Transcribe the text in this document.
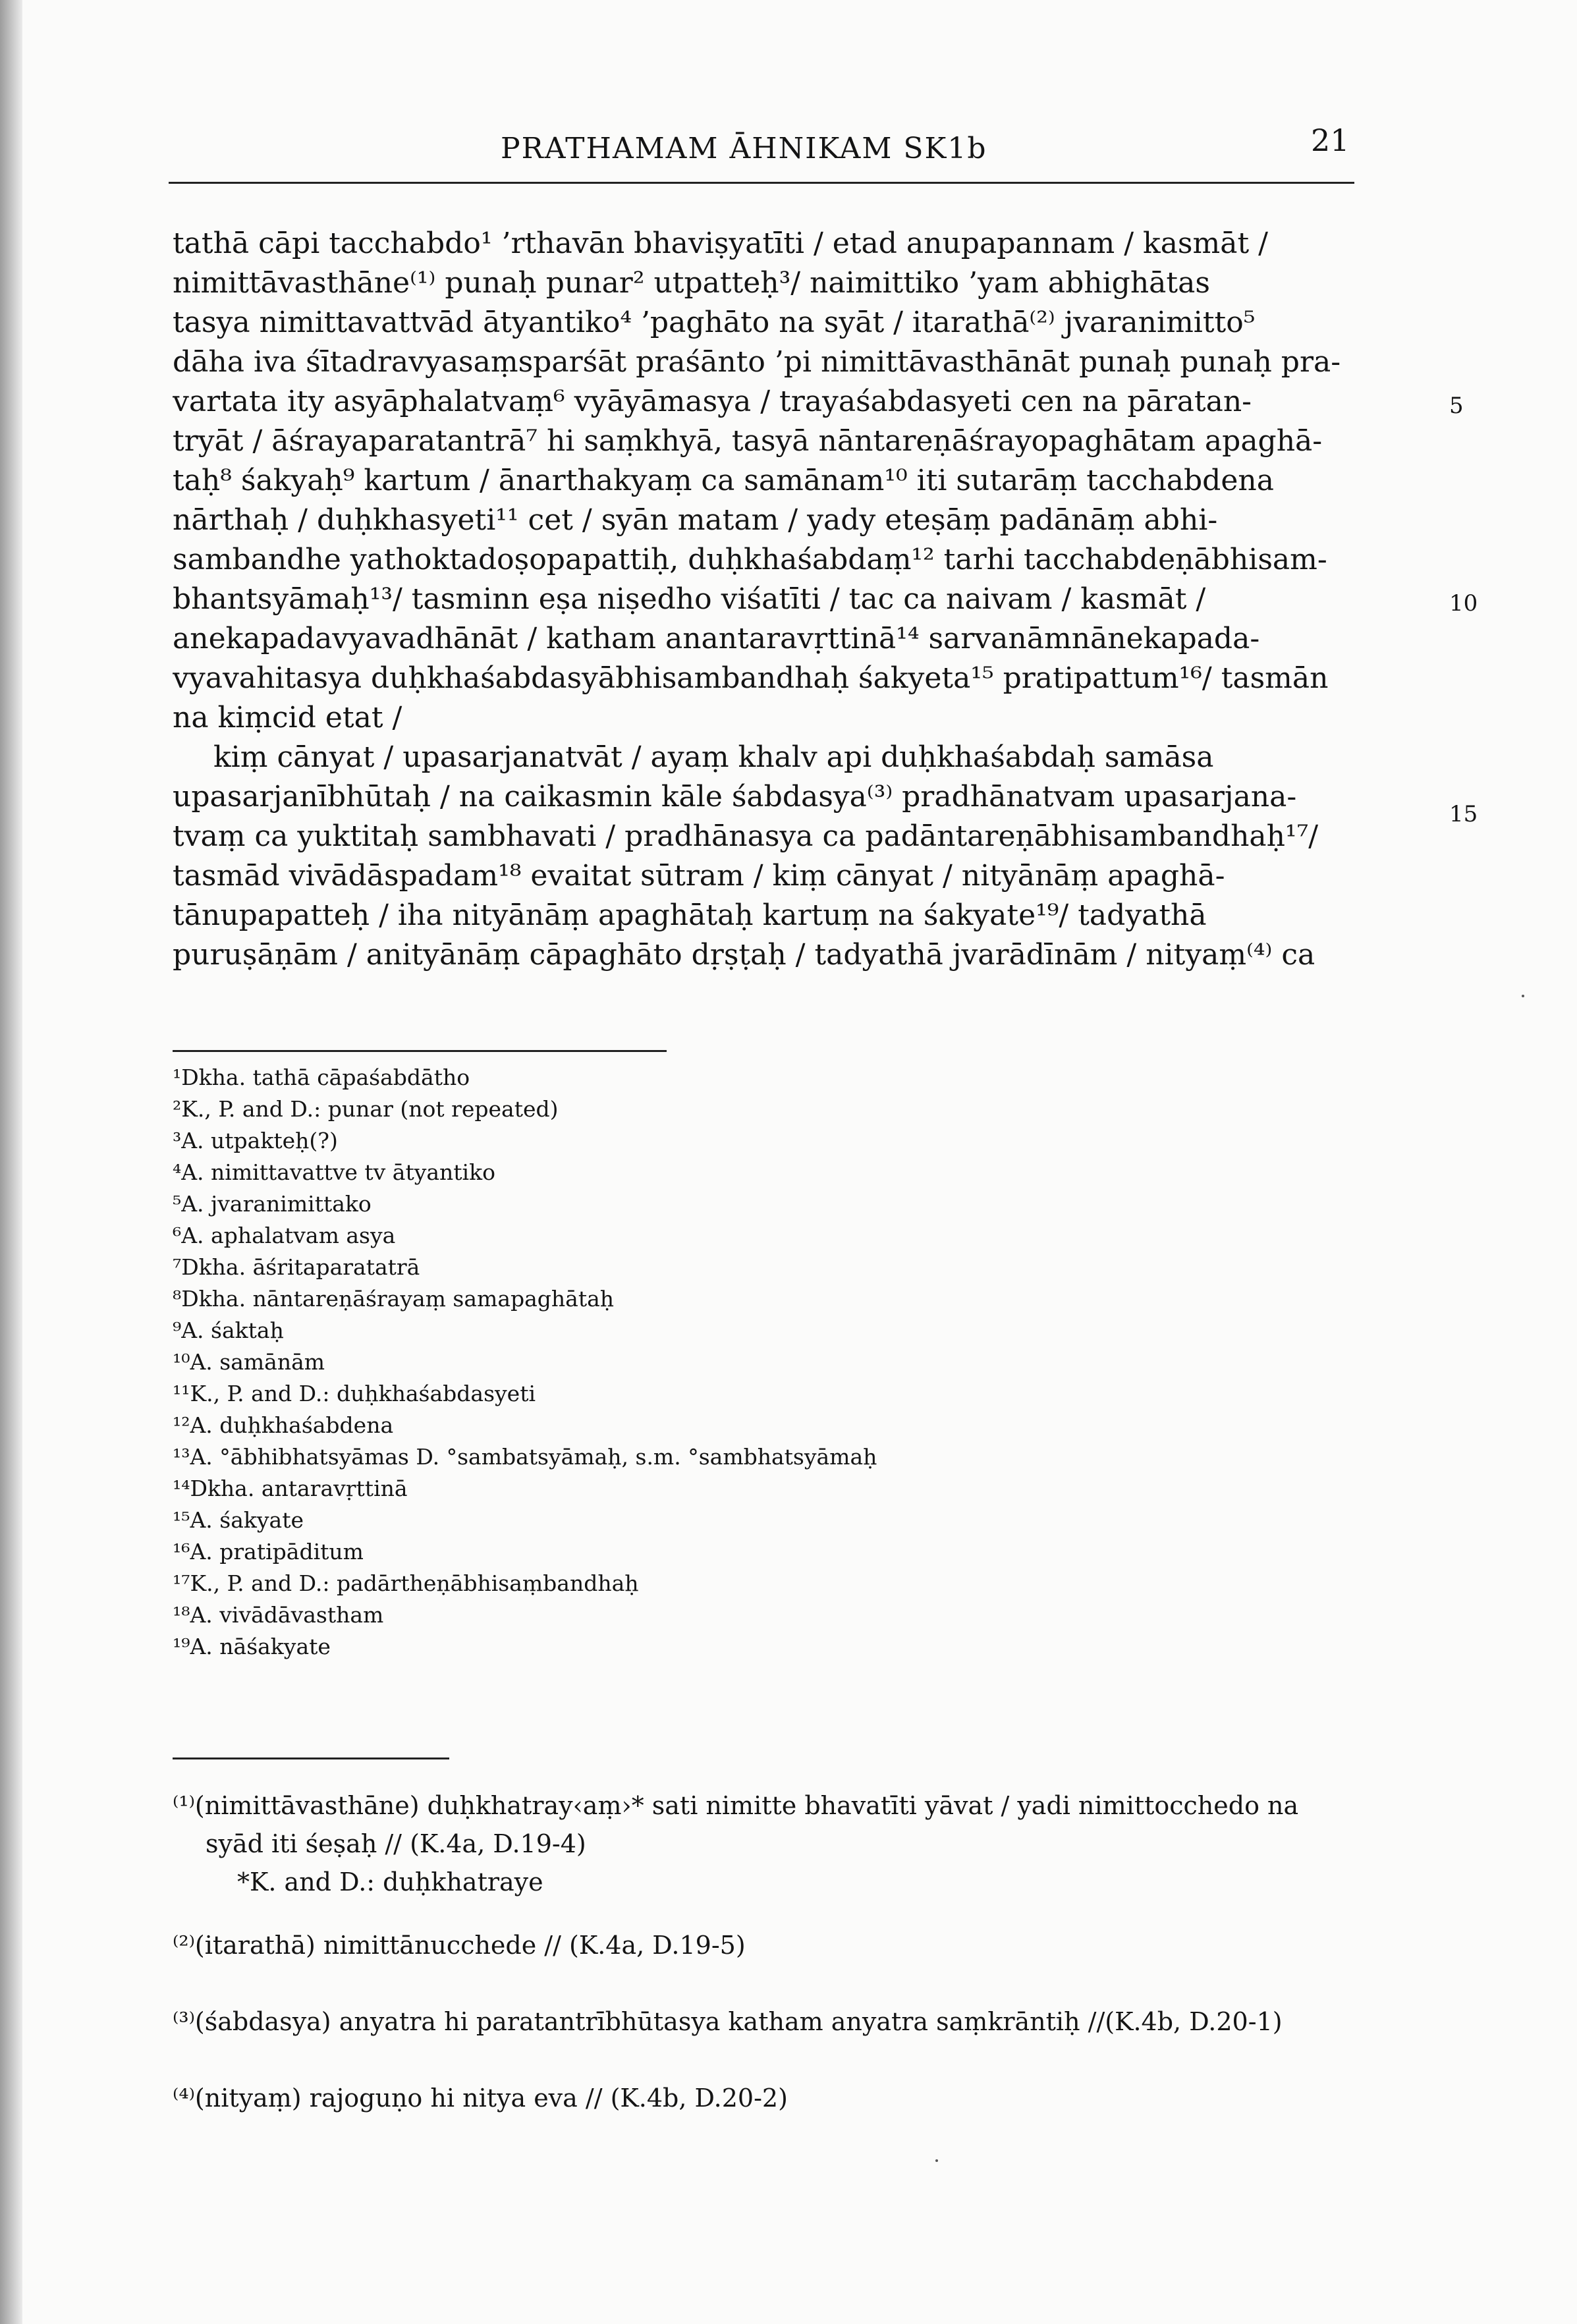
PRATHAMAM ĀHNIKAM SK1b	21
tathā cāpi tacchabdo¹ ’rthavān bhaviṣyatīti / etad anupapannam / kasmāt /
nimittāvasthāne⁽¹⁾ punaḥ punar² utpatteḥ³/ naimittiko ’yam abhighātas
tasya nimittavattvād ātyantiko⁴ ’paghāto na syāt / itarathā⁽²⁾ jvaranimitto⁵
dāha iva śītadravyasaṃsparśāt praśānto ’pi nimittāvasthānāt punaḥ punaḥ pra-
vartata ity asyāphalatvaṃ⁶ vyāyāmasya / trayaśabdasyeti cen na pāratan-
tryāt / āśrayaparatantrā⁷ hi saṃkhyā, tasyā nāntareṇāśrayopaghātam apaghā-
taḥ⁸ śakyaḥ⁹ kartum / ānarthakyaṃ ca samānam¹⁰ iti sutarāṃ tacchabdena
nārthaḥ / duḥkhasyeti¹¹ cet / syān matam / yady eteṣāṃ padānāṃ abhi-
sambandhe yathoktadoṣopapattiḥ, duḥkhaśabdaṃ¹² tarhi tacchabdeṇābhisam-
bhantsyāmaḥ¹³/ tasminn eṣa niṣedho viśatīti / tac ca naivam / kasmāt /
anekapadavyavadhānāt / katham anantaravṛttinā¹⁴ sarvanāmnānekapada-
vyavahitasya duḥkhaśabdasyābhisambandhaḥ śakyeta¹⁵ pratipattum¹⁶/ tasmān
na kiṃcid etat /
kiṃ cānyat / upasarjanatvāt / ayaṃ khalv api duḥkhaśabdaḥ samāsa
upasarjanībhūtaḥ / na caikasmin kāle śabdasya⁽³⁾ pradhānatvam upasarjana-
tvaṃ ca yuktitaḥ sambhavati / pradhānasya ca padāntareṇābhisambandhaḥ¹⁷/
tasmād vivādāspadam¹⁸ evaitat sūtram / kiṃ cānyat / nityānāṃ apaghā-
tānupapatteḥ / iha nityānāṃ apaghātaḥ kartuṃ na śakyate¹⁹/ tadyathā
puruṣāṇām / anityānāṃ cāpaghāto dṛṣṭaḥ / tadyathā jvarādīnām / nityaṃ⁽⁴⁾ ca
5
10
15
¹Dkha. tathā cāpaśabdātho
²K., P. and D.: punar (not repeated)
³A. utpakteḥ(?)
⁴A. nimittavattve tv ātyantiko
⁵A. jvaranimittako
⁶A. aphalatvam asya
⁷Dkha. āśritaparatatrā
⁸Dkha. nāntareṇāśrayaṃ samapaghātaḥ
⁹A. śaktaḥ
¹⁰A. samānām
¹¹K., P. and D.: duḥkhaśabdasyeti
¹²A. duḥkhaśabdena
¹³A. °ābhibhatsyāmas D. °sambatsyāmaḥ, s.m. °sambhatsyāmaḥ
¹⁴Dkha. antaravṛttinā
¹⁵A. śakyate
¹⁶A. pratipāditum
¹⁷K., P. and D.: padārtheṇābhisaṃbandhaḥ
¹⁸A. vivādāvastham
¹⁹A. nāśakyate
⁽¹⁾(nimittāvasthāne) duḥkhatray‹aṃ›* sati nimitte bhavatīti yāvat / yadi nimittocchedo na
syād iti śeṣaḥ // (K.4a, D.19-4)
*K. and D.: duḥkhatraye
⁽²⁾(itarathā) nimittānucchede // (K.4a, D.19-5)
⁽³⁾(śabdasya) anyatra hi paratantrībhūtasya katham anyatra saṃkrāntiḥ //(K.4b, D.20-1)
⁽⁴⁾(nityaṃ) rajoguṇo hi nitya eva // (K.4b, D.20-2)
